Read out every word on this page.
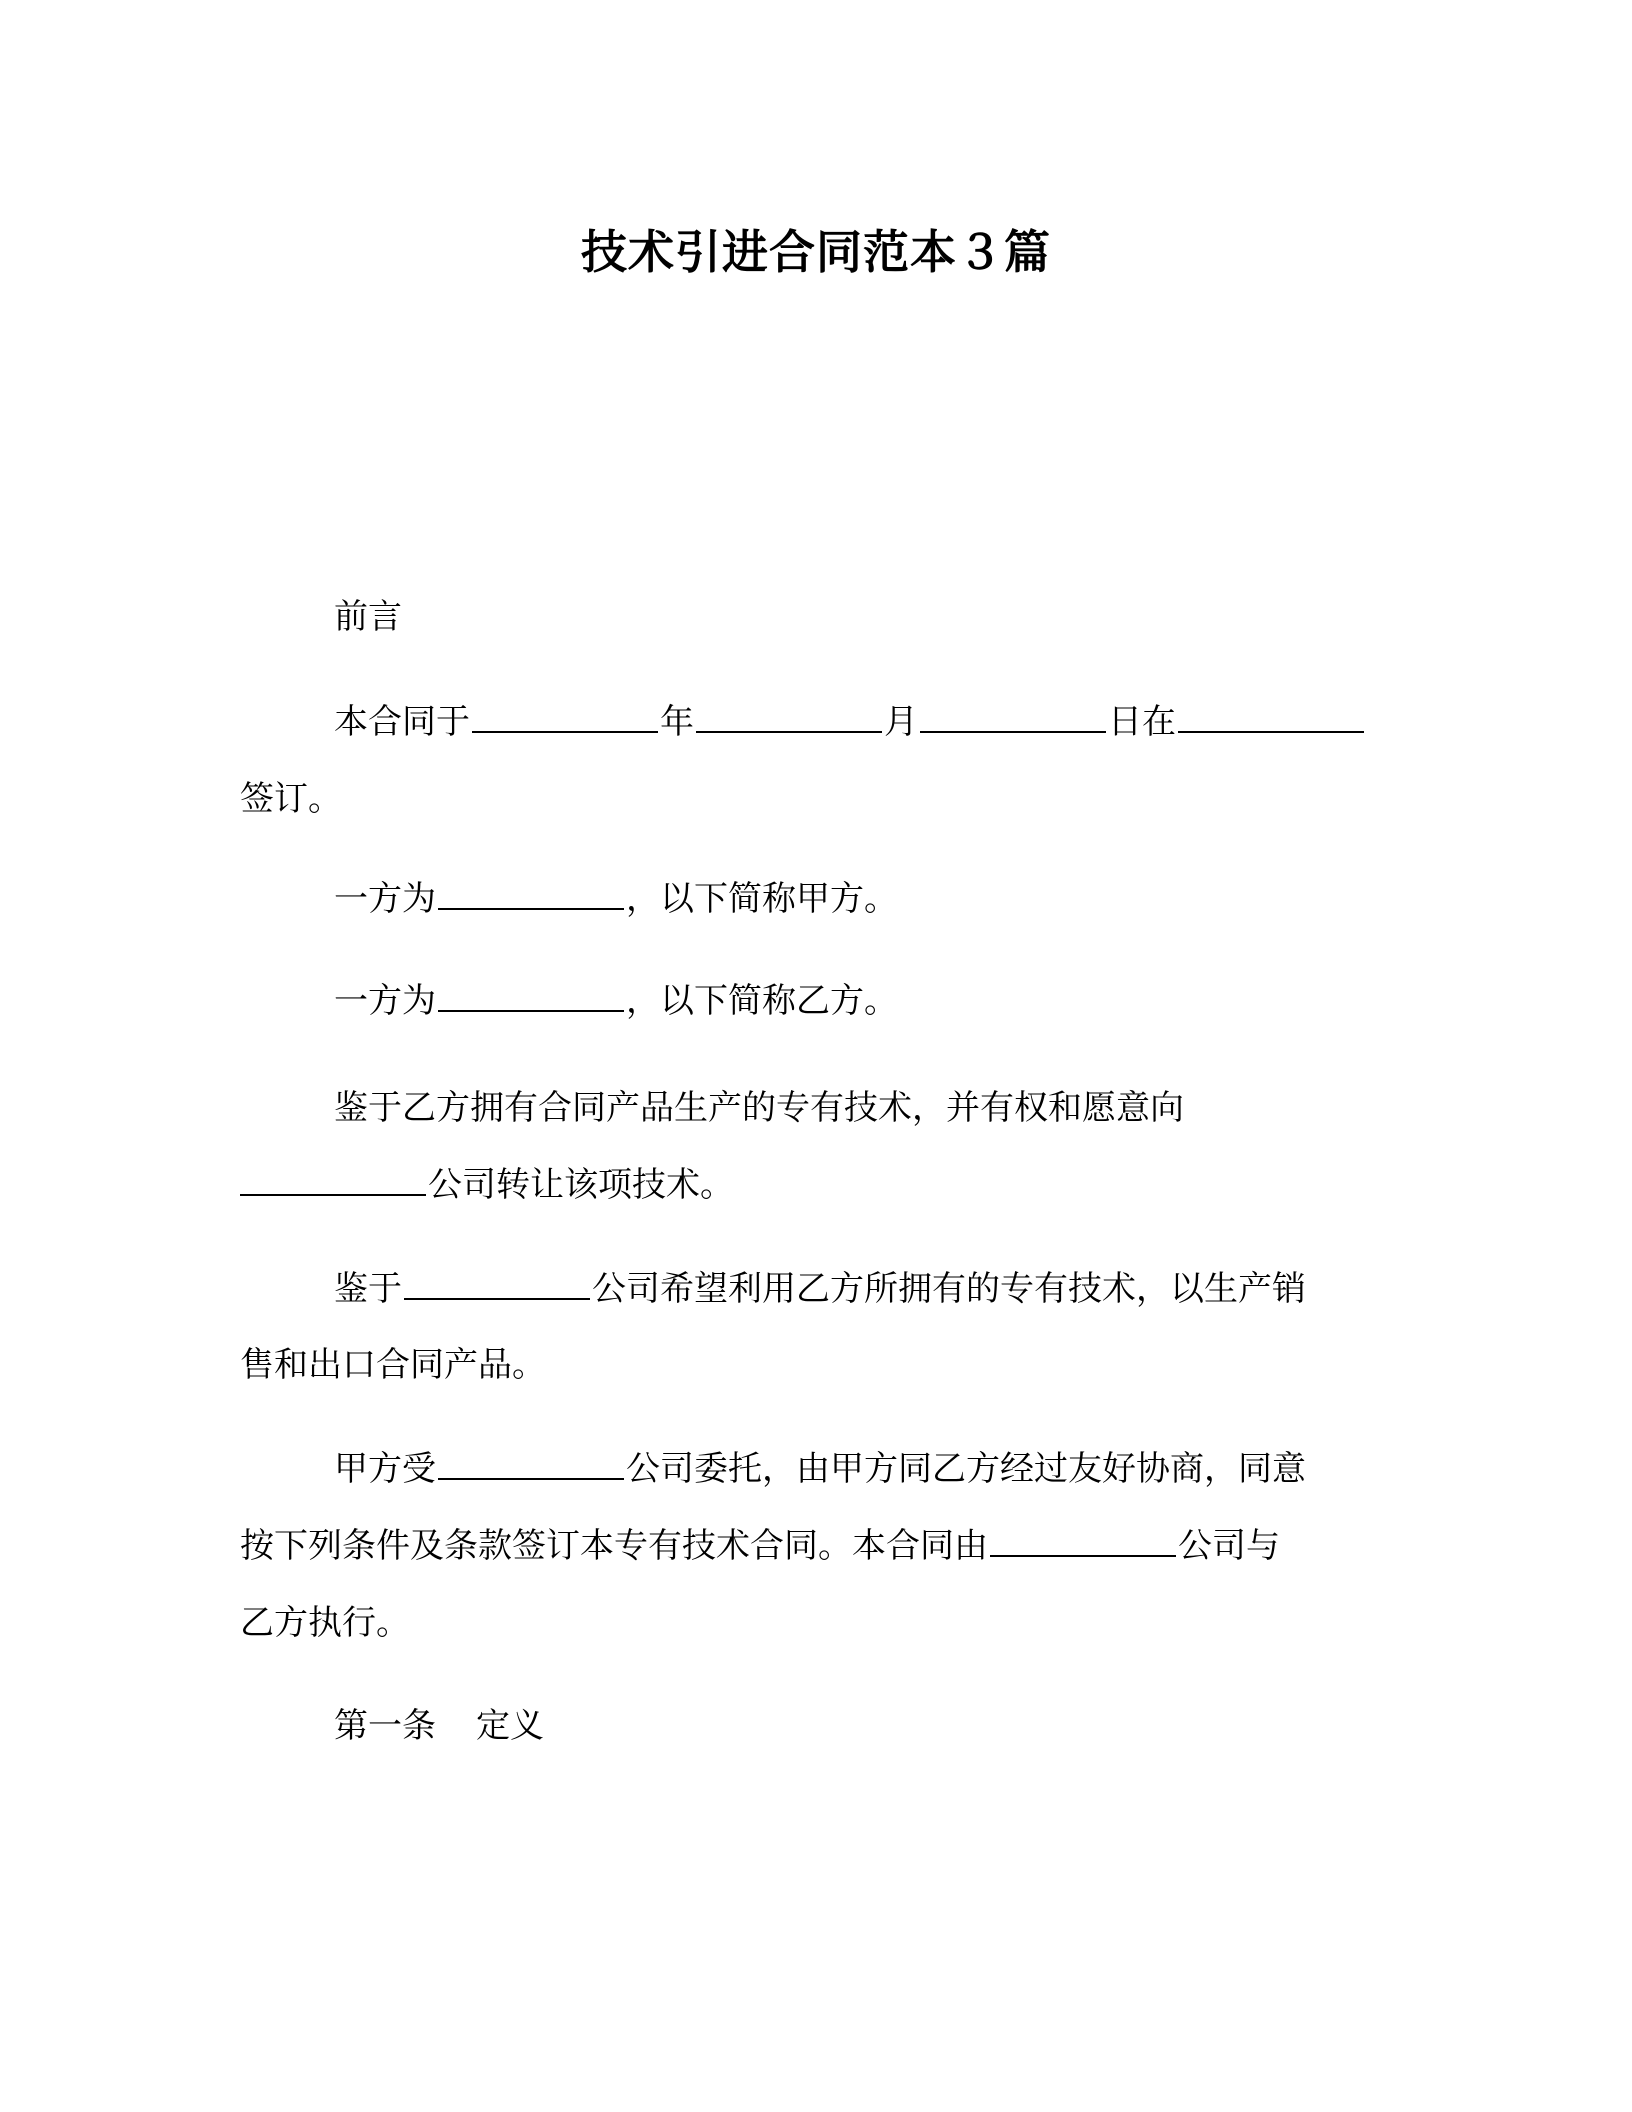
技术引进合同范本３篇
前言
本合同于	年	月	日在
签订。
一方为	，以下简称甲方。
一方为	，以下简称乙方。
鉴于乙方拥有合同产品生产的专有技术，并有权和愿意向
公司转让该项技术。
鉴于	公司希望利用乙方所拥有的专有技术，以生产销
售和出口合同产品。
甲方受	公司委托，由甲方同乙方经过友好协商，同意
按下列条件及条款签订本专有技术合同。本合同由	公司与
乙方执行。
第一条 定义
